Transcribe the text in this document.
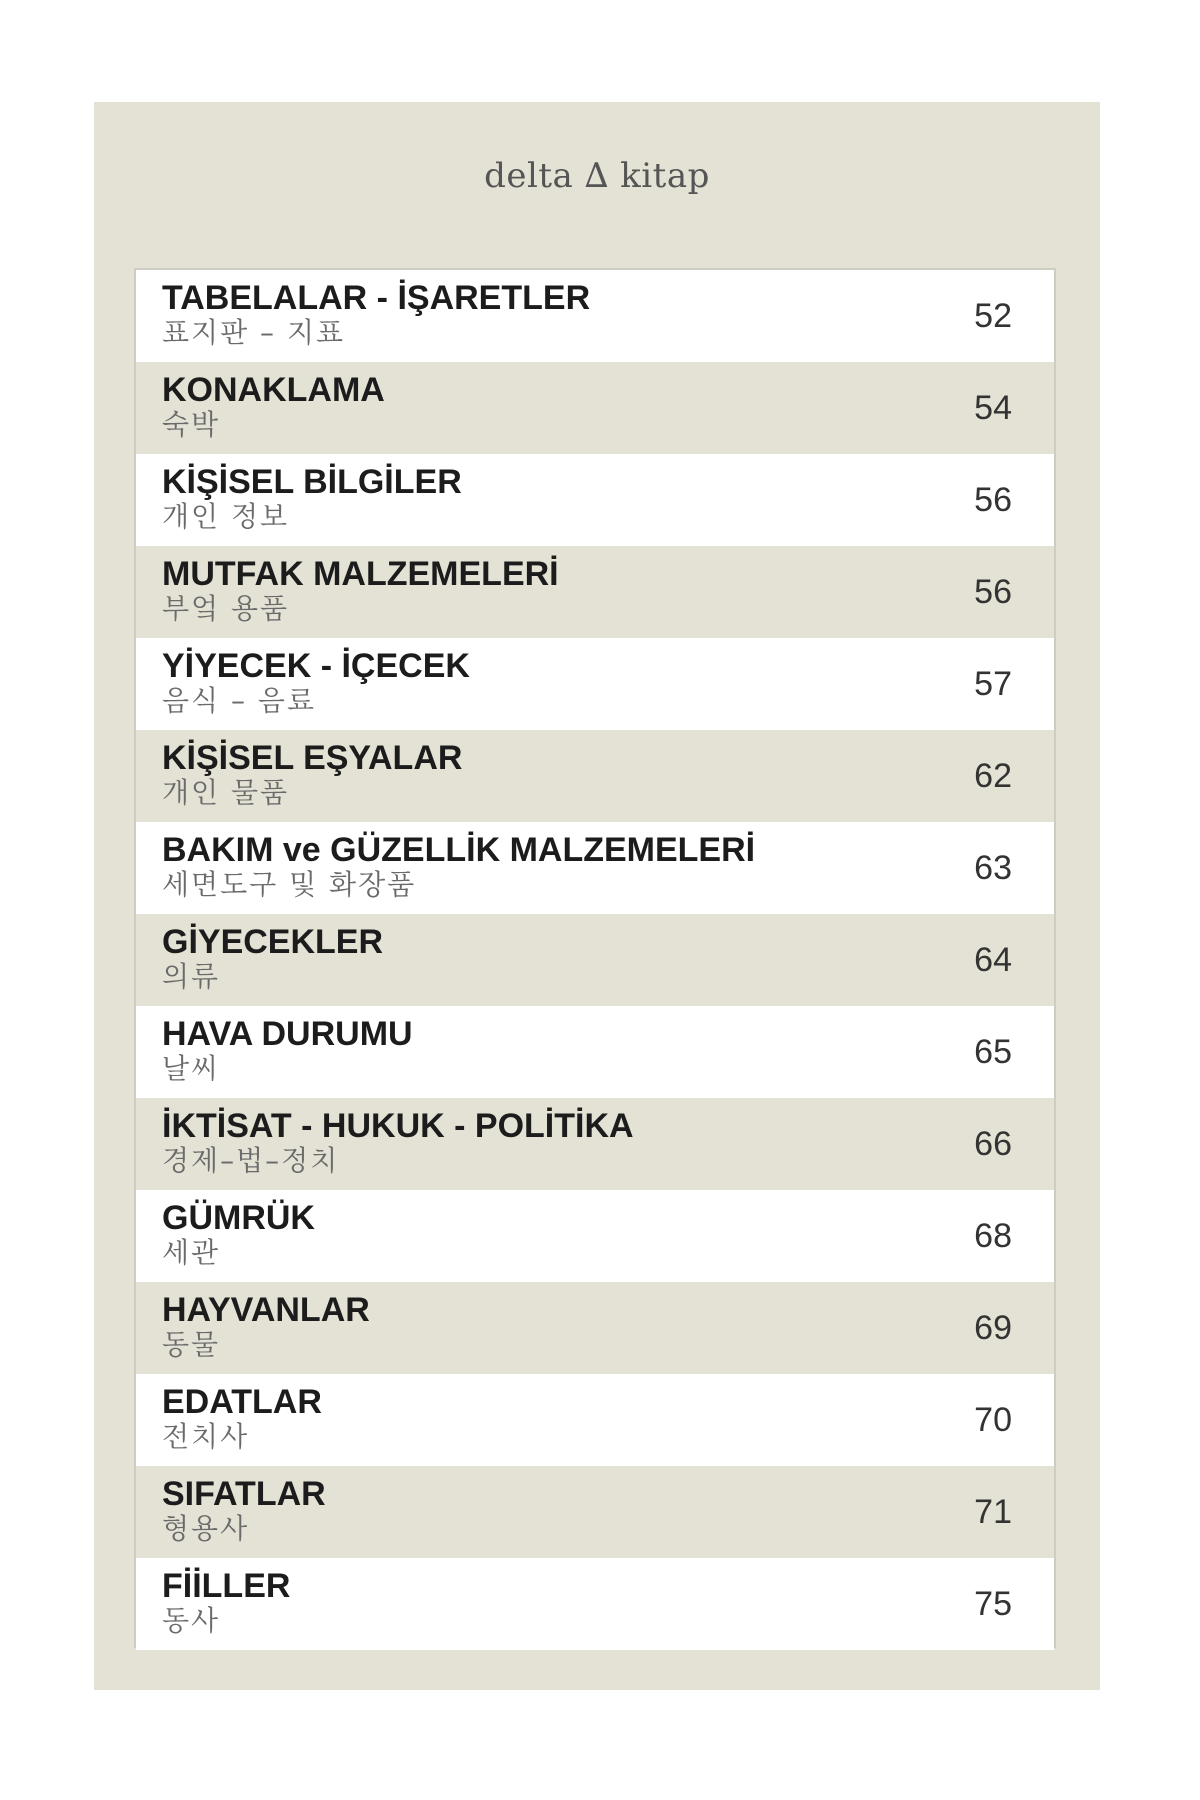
delta ∆ kitap
TABELALAR - İŞARETLER
표지판 – 지표	52
KONAKLAMA
숙박	54
KİŞİSEL BİLGİLER
개인 정보	56
MUTFAK MALZEMELERİ
부엌 용품	56
YİYECEK - İÇECEK
음식 – 음료	57
KİŞİSEL EŞYALAR
개인 물품	62
BAKIM ve GÜZELLİK MALZEMELERİ
세면도구 및 화장품	63
GİYECEKLER
의류	64
HAVA DURUMU
날씨	65
İKTİSAT - HUKUK - POLİTİKA
경제–법–정치	66
GÜMRÜK
세관	68
HAYVANLAR
동물	69
EDATLAR
전치사	70
SIFATLAR
형용사	71
FİİLLER
동사	75
